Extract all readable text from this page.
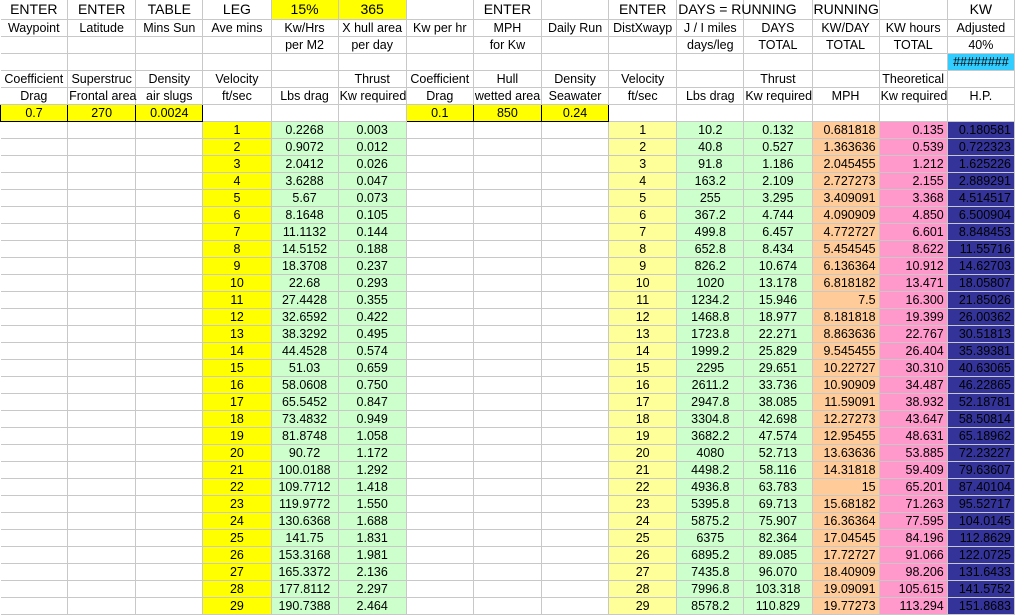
ENTER	ENTER	TABLE	LEG	15%	365		ENTER		ENTER	DAYS = RUNNING		RUNNING		KW
Waypoint	Latitude	Mins Sun	Ave mins	Kw/Hrs	X hull area	Kw per hr	MPH	Daily Run	DistXwayp	J / I miles	DAYS	KW/DAY	KW hours	Adjusted
				per M2	per day		for Kw			days/leg	TOTAL	TOTAL	TOTAL	40%
														########
Coefficient	Superstruc	Density	Velocity		Thrust	Coefficient	Hull	Density	Velocity		Thrust		Theoretical	
Drag	Frontal area	air slugs	ft/sec	Lbs drag	Kw required	Drag	wetted area	Seawater	ft/sec	Lbs drag	Kw required	MPH	Kw required	H.P.
0.7	270	0.0024				0.1	850	0.24						
			1	0.2268	0.003				1	10.2	0.132	0.681818	0.135	0.180581
			2	0.9072	0.012				2	40.8	0.527	1.363636	0.539	0.722323
			3	2.0412	0.026				3	91.8	1.186	2.045455	1.212	1.625226
			4	3.6288	0.047				4	163.2	2.109	2.727273	2.155	2.889291
			5	5.67	0.073				5	255	3.295	3.409091	3.368	4.514517
			6	8.1648	0.105				6	367.2	4.744	4.090909	4.850	6.500904
			7	11.1132	0.144				7	499.8	6.457	4.772727	6.601	8.848453
			8	14.5152	0.188				8	652.8	8.434	5.454545	8.622	11.55716
			9	18.3708	0.237				9	826.2	10.674	6.136364	10.912	14.62703
			10	22.68	0.293				10	1020	13.178	6.818182	13.471	18.05807
			11	27.4428	0.355				11	1234.2	15.946	7.5	16.300	21.85026
			12	32.6592	0.422				12	1468.8	18.977	8.181818	19.399	26.00362
			13	38.3292	0.495				13	1723.8	22.271	8.863636	22.767	30.51813
			14	44.4528	0.574				14	1999.2	25.829	9.545455	26.404	35.39381
			15	51.03	0.659				15	2295	29.651	10.22727	30.310	40.63065
			16	58.0608	0.750				16	2611.2	33.736	10.90909	34.487	46.22865
			17	65.5452	0.847				17	2947.8	38.085	11.59091	38.932	52.18781
			18	73.4832	0.949				18	3304.8	42.698	12.27273	43.647	58.50814
			19	81.8748	1.058				19	3682.2	47.574	12.95455	48.631	65.18962
			20	90.72	1.172				20	4080	52.713	13.63636	53.885	72.23227
			21	100.0188	1.292				21	4498.2	58.116	14.31818	59.409	79.63607
			22	109.7712	1.418				22	4936.8	63.783	15	65.201	87.40104
			23	119.9772	1.550				23	5395.8	69.713	15.68182	71.263	95.52717
			24	130.6368	1.688				24	5875.2	75.907	16.36364	77.595	104.0145
			25	141.75	1.831				25	6375	82.364	17.04545	84.196	112.8629
			26	153.3168	1.981				26	6895.2	89.085	17.72727	91.066	122.0725
			27	165.3372	2.136				27	7435.8	96.070	18.40909	98.206	131.6433
			28	177.8112	2.297				28	7996.8	103.318	19.09091	105.615	141.5752
			29	190.7388	2.464				29	8578.2	110.829	19.77273	113.294	151.8683
